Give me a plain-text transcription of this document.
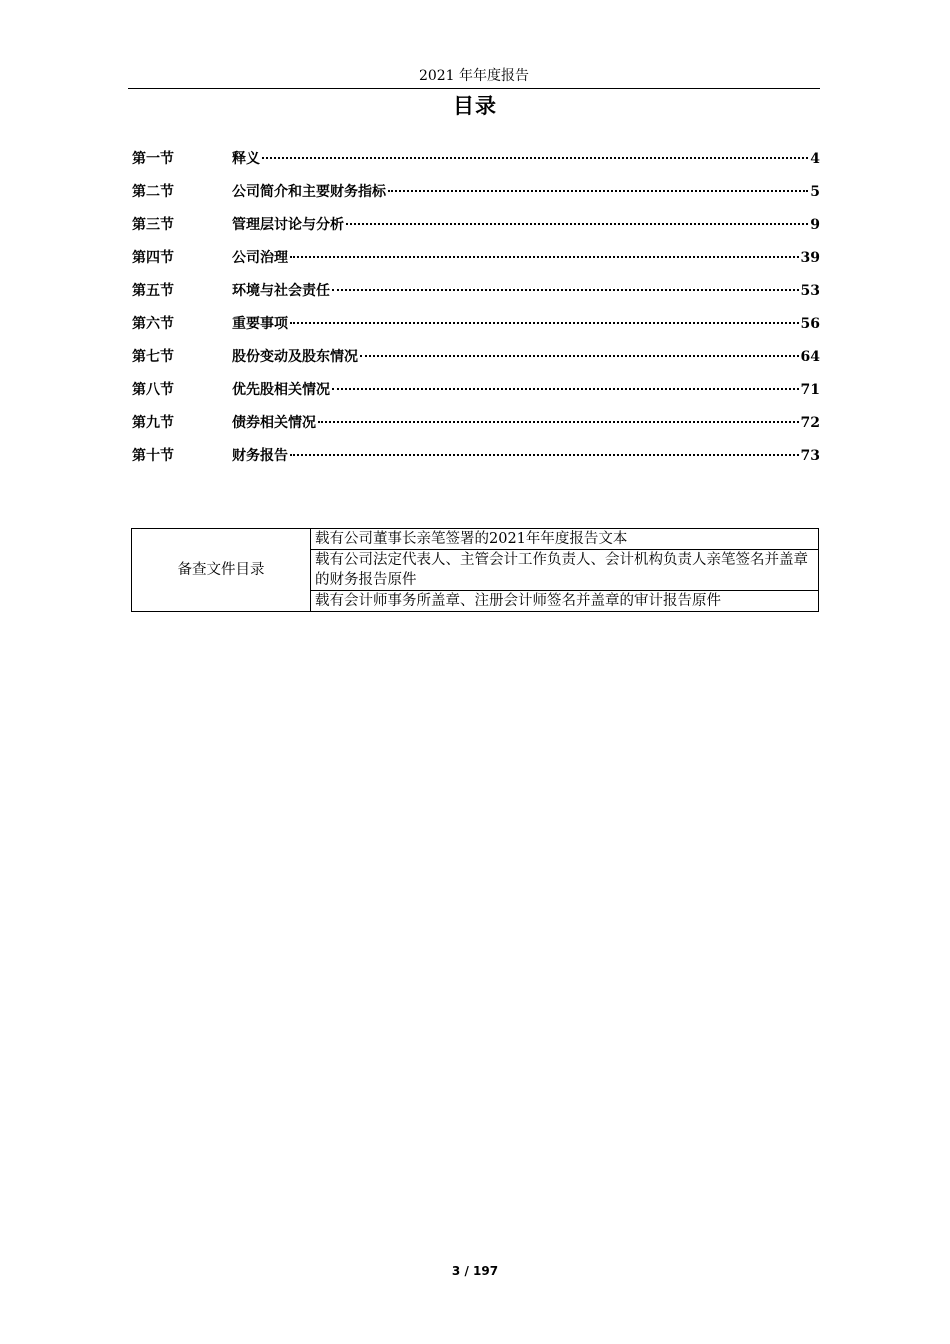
2021 年年度报告
目录
第一节	释义	4
第二节	公司简介和主要财务指标	5
第三节	管理层讨论与分析	9
第四节	公司治理	39
第五节	环境与社会责任	53
第六节	重要事项	56
第七节	股份变动及股东情况	64
第八节	优先股相关情况	71
第九节	债券相关情况	72
第十节	财务报告	73
备查文件目录	载有公司董事长亲笔签署的2021年年度报告文本
载有公司法定代表人、主管会计工作负责人、会计机构负责人亲笔签名并盖章的财务报告原件
载有会计师事务所盖章、注册会计师签名并盖章的审计报告原件
3 / 197
